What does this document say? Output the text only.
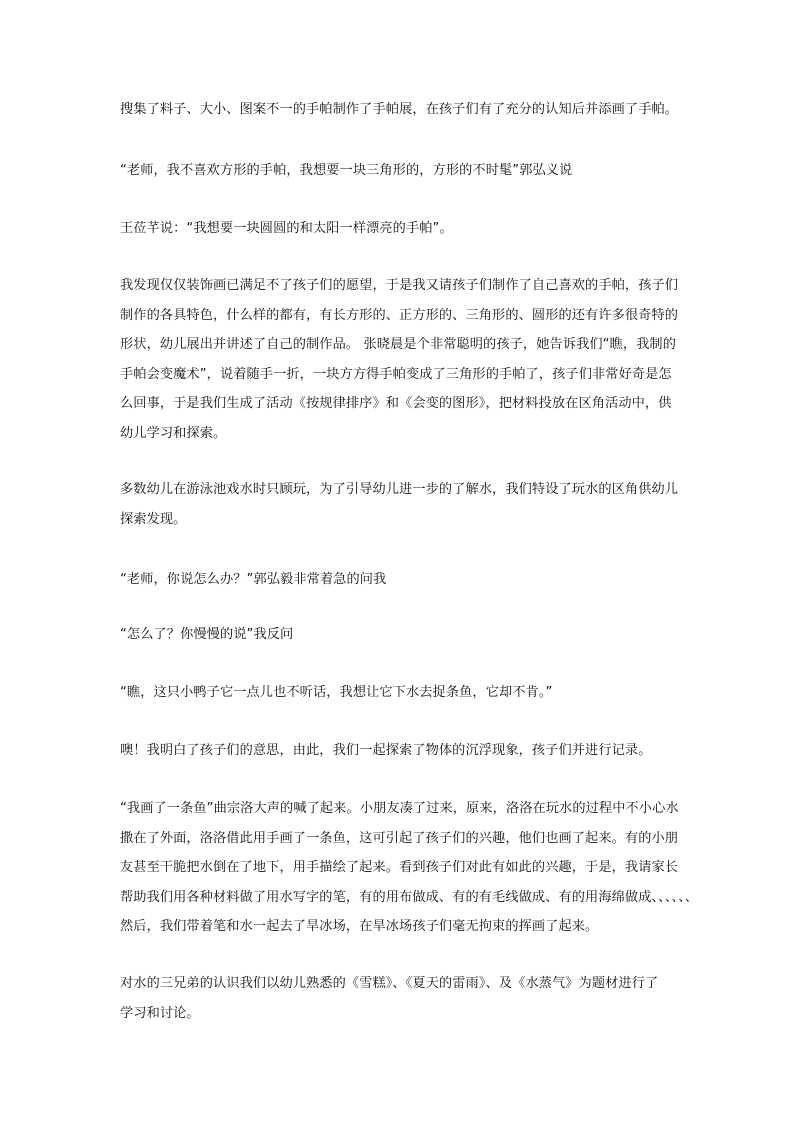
搜集了料子、大小、图案不一的手帕制作了手帕展，在孩子们有了充分的认知后并添画了手帕。

“老师，我不喜欢方形的手帕，我想要一块三角形的，方形的不时髦”郭弘义说

王莅芊说：“我想要一块圆圆的和太阳一样漂亮的手帕”。

我发现仅仅装饰画已满足不了孩子们的愿望，于是我又请孩子们制作了自己喜欢的手帕，孩子们
制作的各具特色，什么样的都有，有长方形的、正方形的、三角形的、圆形的还有许多很奇特的
形状，幼儿展出并讲述了自己的制作品。 张晓晨是个非常聪明的孩子，她告诉我们“瞧，我制的
手帕会变魔术”，说着随手一折，一块方方得手帕变成了三角形的手帕了，孩子们非常好奇是怎
么回事，于是我们生成了活动《按规律排序》和《会变的图形》，把材料投放在区角活动中，供
幼儿学习和探索。

多数幼儿在游泳池戏水时只顾玩，为了引导幼儿进一步的了解水，我们特设了玩水的区角供幼儿
探索发现。

“老师，你说怎么办？”郭弘毅非常着急的问我

“怎么了？你慢慢的说”我反问

“瞧，这只小鸭子它一点儿也不听话，我想让它下水去捉条鱼，它却不肯。”

噢！我明白了孩子们的意思，由此，我们一起探索了物体的沉浮现象，孩子们并进行记录。

“我画了一条鱼”曲宗洛大声的喊了起来。小朋友凑了过来，原来，洛洛在玩水的过程中不小心水
撒在了外面，洛洛借此用手画了一条鱼，这可引起了孩子们的兴趣，他们也画了起来。有的小朋
友甚至干脆把水倒在了地下，用手描绘了起来。看到孩子们对此有如此的兴趣，于是，我请家长
帮助我们用各种材料做了用水写字的笔，有的用布做成、有的有毛线做成、有的用海绵做成、、、、、、
然后，我们带着笔和水一起去了旱冰场，在旱冰场孩子们毫无拘束的挥画了起来。

对水的三兄弟的认识我们以幼儿熟悉的《雪糕》、《夏天的雷雨》、及《水蒸气》为题材进行了
学习和讨论。
